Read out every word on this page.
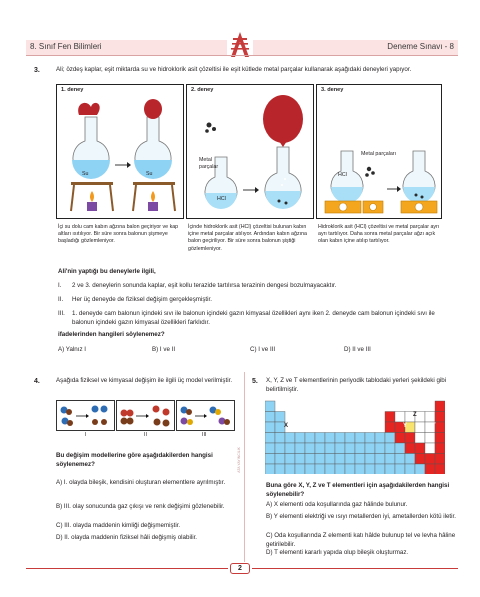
8. Sınıf Fen Bilimleri	Deneme Sınavı - 8
3.	Ali; özdeş kaplar, eşit miktarda su ve hidroklorik asit çözeltisi ile eşit kütlede metal parçalar kullanarak aşağıdaki deneyleri yapıyor.
1. deney
Su	Su
2. deney
Metal parçalar
HCl
3. deney
HCl
Metal parçaları
İçi su dolu cam kabın ağzına balon geçiriyor ve kap altları ısıtılıyor. Bir süre sonra balonun şişmeye başladığı gözlemleniyor.
İçinde hidroklorik asit (HCl) çözeltisi bulunan kabın içine metal parçalar atılıyor. Ardından kabın ağzına balon geçiriliyor. Bir süre sonra balonun şiştiği gözlemleniyor.
Hidroklorik asit (HCl) çözeltisi ve metal parçalar ayrı ayrı tartılıyor. Daha sonra metal parçalar ağzı açık olan kabın içine atılıp tartılıyor.
Ali'nin yaptığı bu deneylerle ilgili,
I. 2 ve 3. deneylerin sonunda kaplar, eşit kollu terazide tartılırsa terazinin dengesi bozulmayacaktır.
II. Her üç deneyde de fiziksel değişim gerçekleşmiştir.
III. 1. deneyde cam balonun içindeki sıvı ile balonun içindeki gazın kimyasal özellikleri aynı iken 2. deneyde cam balonun içindeki sıvı ile balonun içindeki gazın kimyasal özellikleri farklıdır.
ifadelerinden hangileri söylenemez?
A) Yalnız I	B) I ve II	C) I ve III	D) II ve III
ATA YAYINCILIK
4.	Aşağıda fiziksel ve kimyasal değişim ile ilgili üç model verilmiştir.
I	II	III
Bu değişim modellerine göre aşağıdakilerden hangisi söylenemez?
A) I. olayda bileşik, kendisini oluşturan elementlere ayrılmıştır.
B) III. olay sonucunda gaz çıkışı ve renk değişimi gözlenebilir.
C) III. olayda maddenin kimliği değişmemiştir.
D) II. olayda maddenin fiziksel hâli değişmiş olabilir.
5. X, Y, Z ve T elementlerinin periyodik tablodaki yerleri şekildeki gibi belirtilmiştir.
X	Y
Z
T
Buna göre X, Y, Z ve T elementleri için aşağıdakilerden hangisi söylenebilir?
A) X elementi oda koşullarında gaz hâlinde bulunur.
B) Y elementi elektriği ve ısıyı metallerden iyi, ametallerden kötü iletir.
C) Oda koşullarında Z elementi katı hâlde bulunup tel ve levha hâline getirilebilir.
D) T elementi kararlı yapıda olup bileşik oluşturmaz.
2
